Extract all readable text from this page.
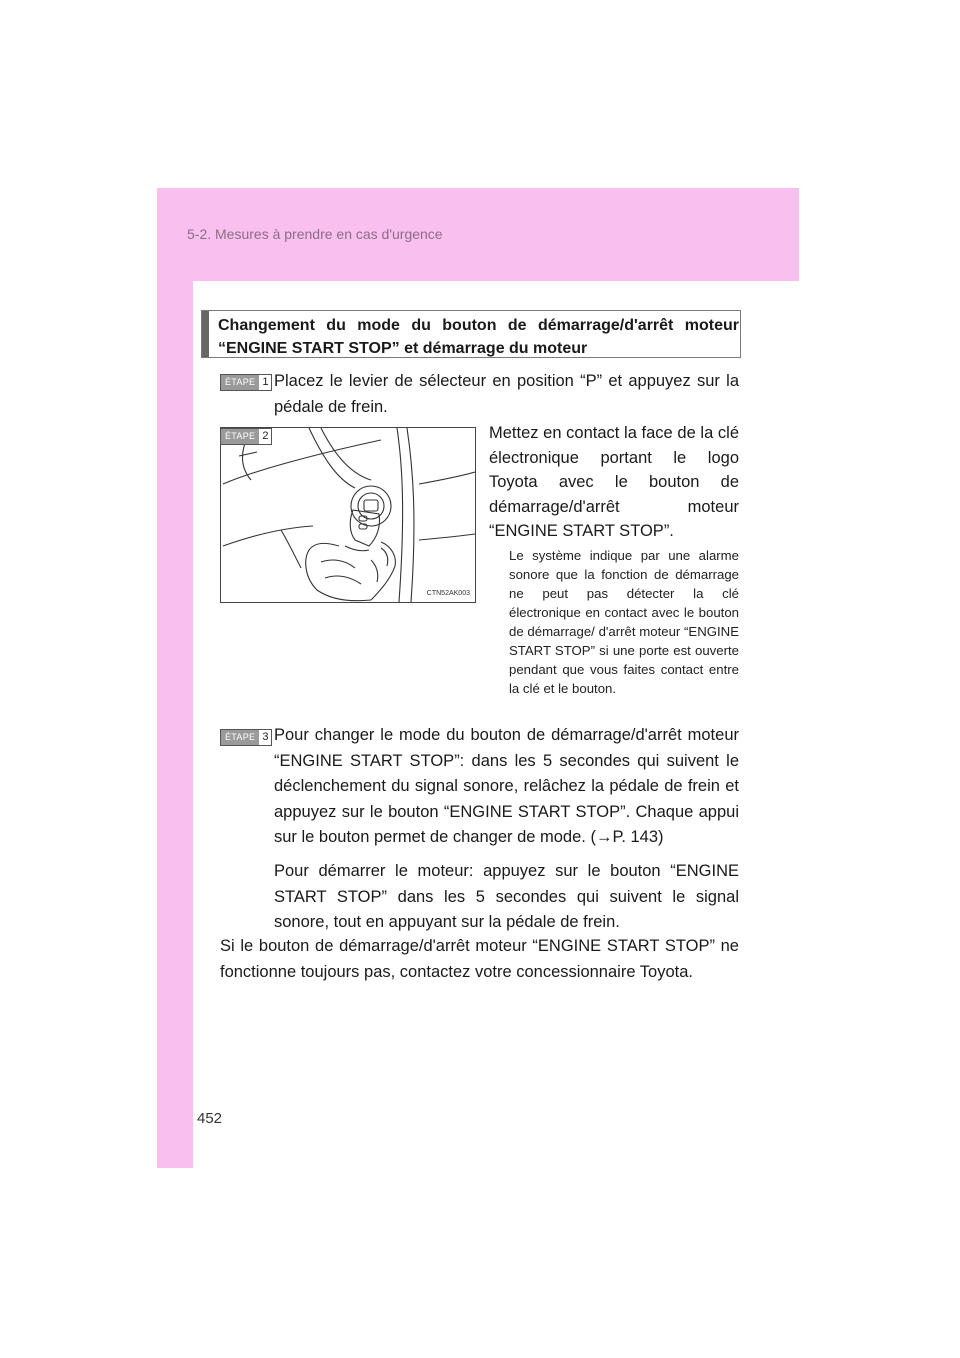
5-2. Mesures à prendre en cas d'urgence
Changement du mode du bouton de démarrage/d'arrêt moteur “ENGINE START STOP” et démarrage du moteur
ÉTAPE 1 Placez le levier de sélecteur en position “P” et appuyez sur la pédale de frein.
CTN52AK003
ÉTAPE 2	Mettez en contact la face de la clé électronique portant le logo Toyota avec le bouton de démarrage/d'arrêt moteur “ENGINE START STOP”.
Le système indique par une alarme sonore que la fonction de démarrage ne peut pas détecter la clé électronique en contact avec le bouton de démarrage/ d'arrêt moteur “ENGINE START STOP” si une porte est ouverte pendant que vous faites contact entre la clé et le bouton.
ÉTAPE 3 Pour changer le mode du bouton de démarrage/d'arrêt moteur “ENGINE START STOP”: dans les 5 secondes qui suivent le déclenchement du signal sonore, relâchez la pédale de frein et appuyez sur le bouton “ENGINE START STOP”. Chaque appui sur le bouton permet de changer de mode. (→P. 143)
Pour démarrer le moteur: appuyez sur le bouton “ENGINE START STOP” dans les 5 secondes qui suivent le signal sonore, tout en appuyant sur la pédale de frein.
Si le bouton de démarrage/d'arrêt moteur “ENGINE START STOP” ne fonctionne toujours pas, contactez votre concessionnaire Toyota.
452
